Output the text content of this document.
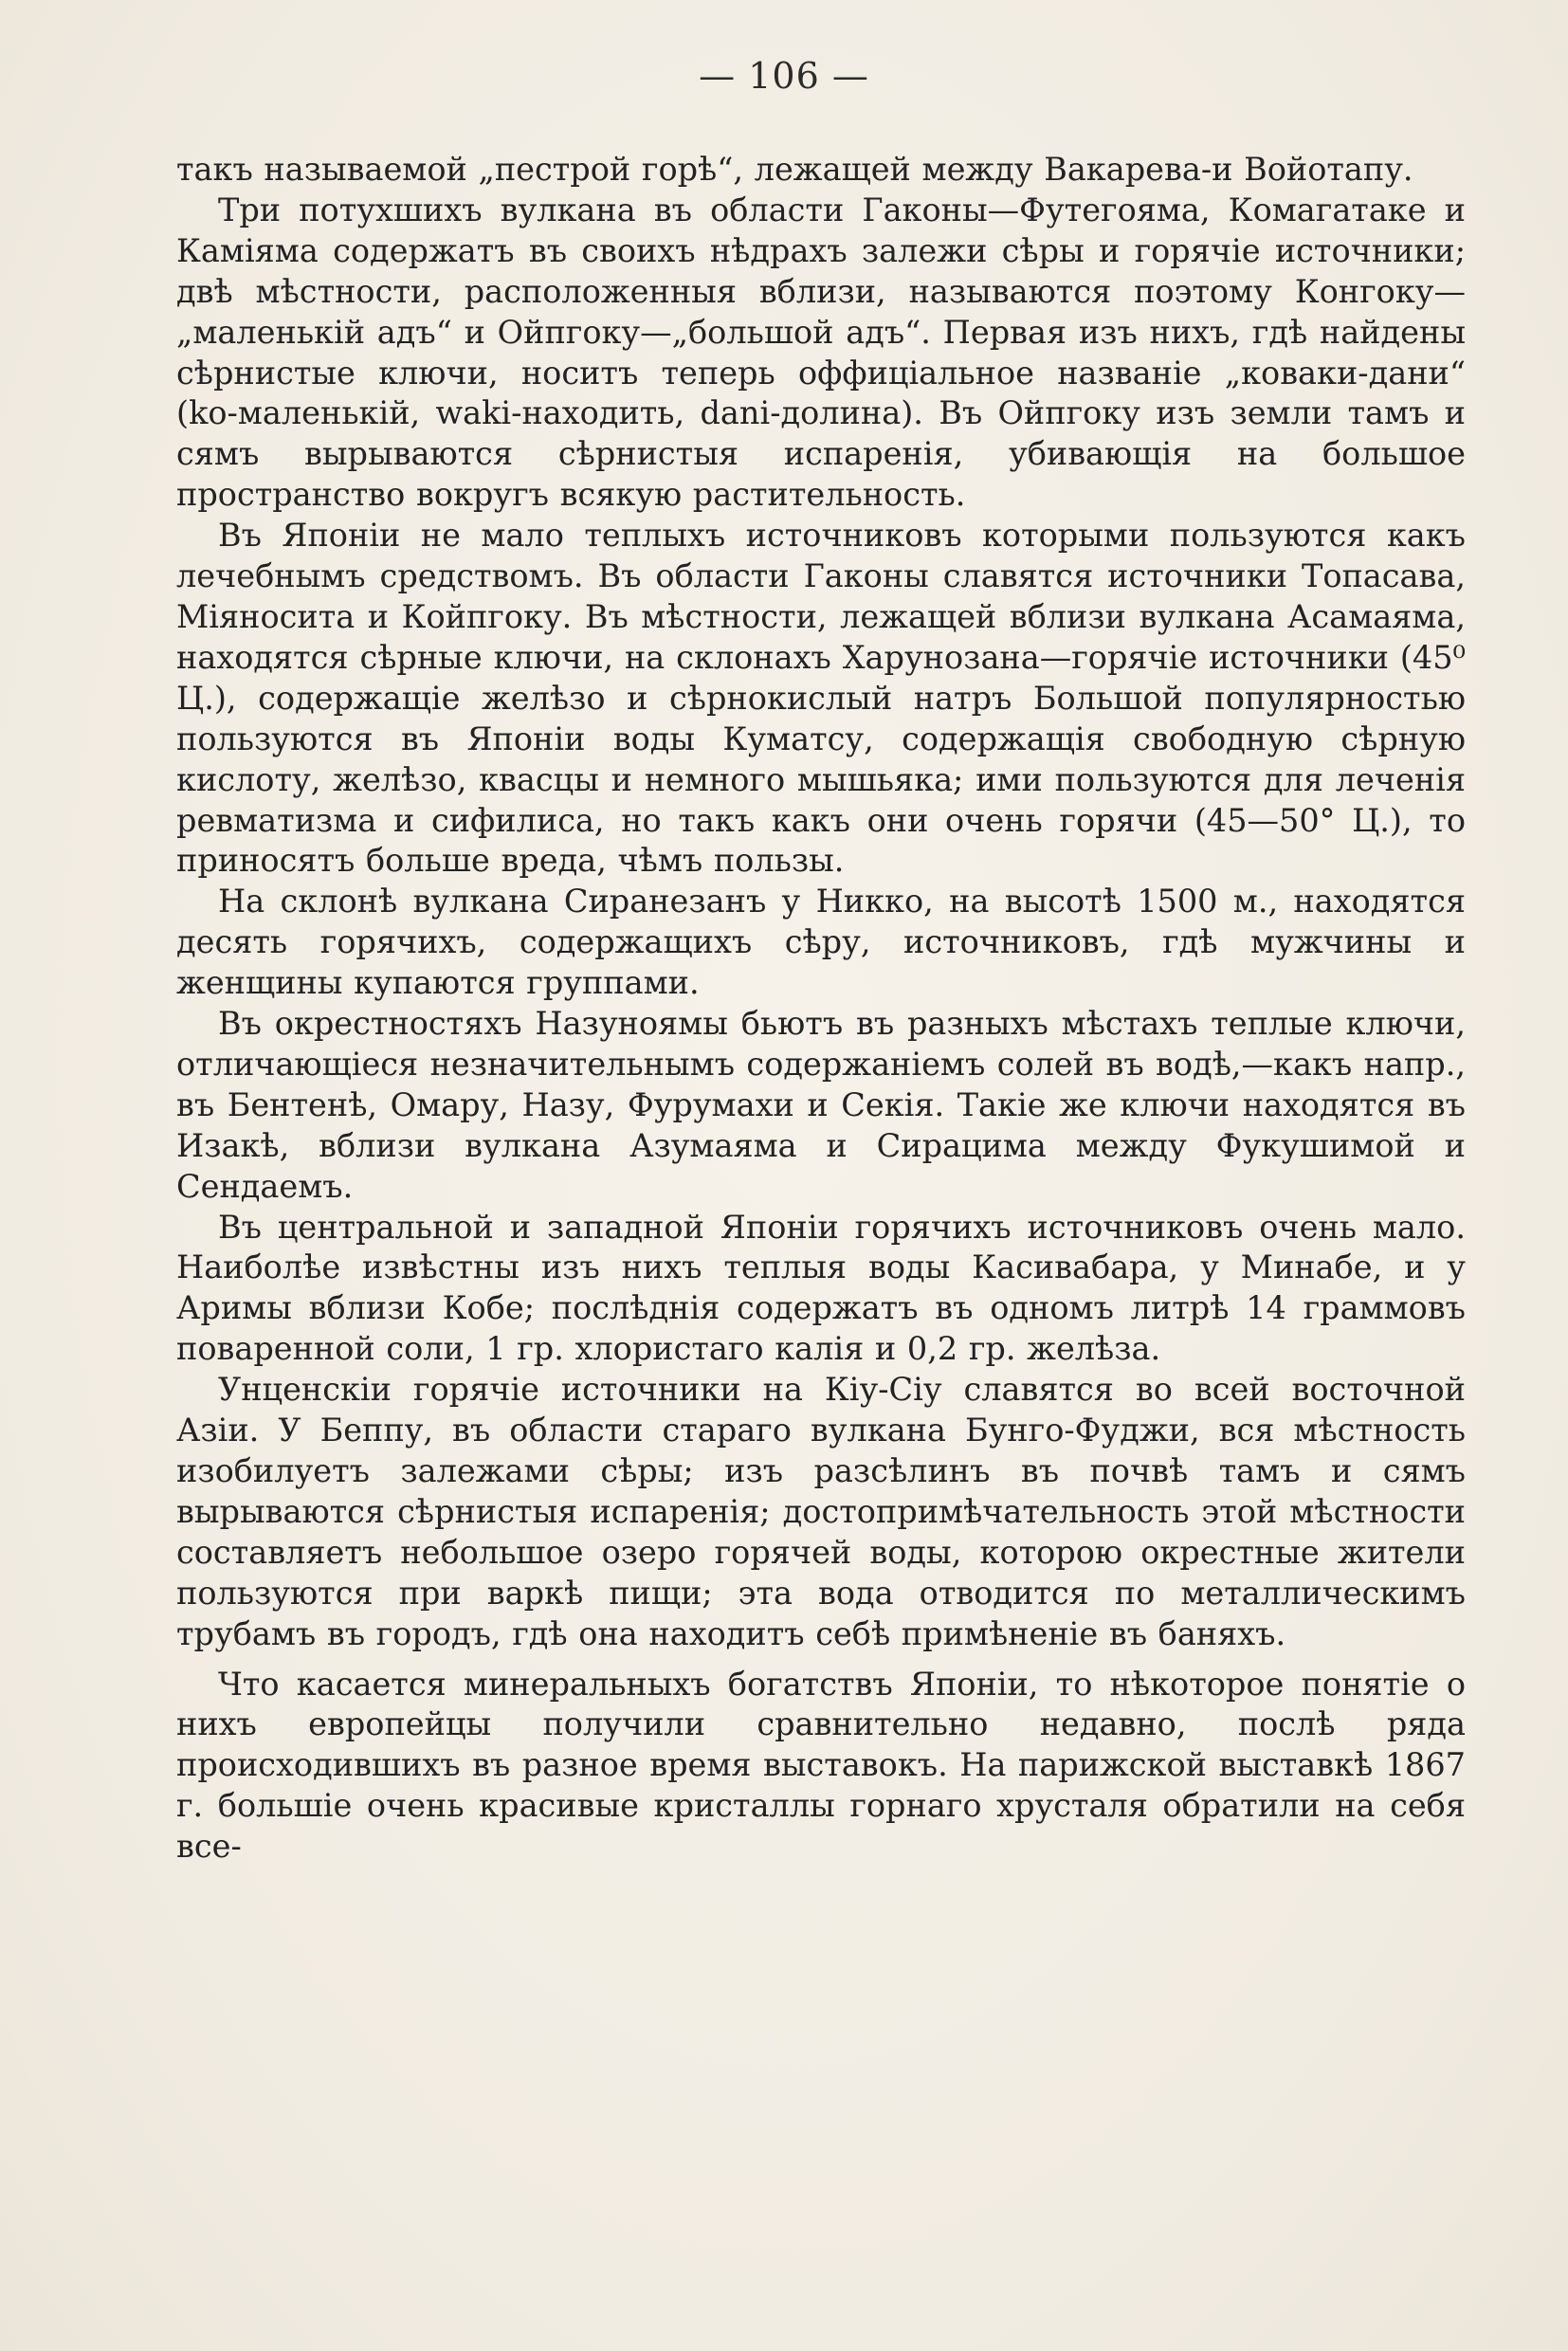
— 106 —

такъ называемой „пестрой горѣ“, лежащей между Вакарева-и Войотапу.

Три потухшихъ вулкана въ области Гаконы—Футегояма, Комагатаке и Каміяма содержатъ въ своихъ нѣдрахъ залежи сѣры и горячіе источники; двѣ мѣстности, расположенныя вблизи, называются поэтому Конгоку—„маленькій адъ“ и Ойпгоку—„большой адъ“. Первая изъ нихъ, гдѣ найдены сѣрнистые ключи, носитъ теперь оффиціальное названіе „коваки-дани“ (ko-маленькій, waki-находить, dani-долина). Въ Ойпгоку изъ земли тамъ и сямъ вырываются сѣрнистыя испаренія, убивающія на большое пространство вокругъ всякую растительность.

Въ Японіи не мало теплыхъ источниковъ которыми пользуются какъ лечебнымъ средствомъ. Въ области Гаконы славятся источники Топасава, Міяносита и Койпгоку. Въ мѣстности, лежащей вблизи вулкана Асамаяма, находятся сѣрные ключи, на склонахъ Харунозана—горячіе источники (45⁰ Ц.), содержащіе желѣзо и сѣрнокислый натръ Большой популярностью пользуются въ Японіи воды Куматсу, содержащія свободную сѣрную кислоту, желѣзо, квасцы и немного мышьяка; ими пользуются для леченія ревматизма и сифилиса, но такъ какъ они очень горячи (45—50° Ц.), то приносятъ больше вреда, чѣмъ пользы.

На склонѣ вулкана Сиранезанъ у Никко, на высотѣ 1500 м., находятся десять горячихъ, содержащихъ сѣру, источниковъ, гдѣ мужчины и женщины купаются группами.

Въ окрестностяхъ Назуноямы бьютъ въ разныхъ мѣстахъ теплые ключи, отличающіеся незначительнымъ содержаніемъ солей въ водѣ,—какъ напр., въ Бентенѣ, Омару, Назу, Фурумахи и Секія. Такіе же ключи находятся въ Изакѣ, вблизи вулкана Азумаяма и Сирацима между Фукушимой и Сендаемъ.

Въ центральной и западной Японіи горячихъ источниковъ очень мало. Наиболѣе извѣстны изъ нихъ теплыя воды Касивабара, у Минабе, и у Аримы вблизи Кобе; послѣднія содержатъ въ одномъ литрѣ 14 граммовъ поваренной соли, 1 гр. хлористаго калія и 0,2 гр. желѣза.

Унценскіи горячіе источники на Кіу-Сіу славятся во всей восточной Азіи. У Беппу, въ области стараго вулкана Бунго-Фуджи, вся мѣстность изобилуетъ залежами сѣры; изъ разсѣлинъ въ почвѣ тамъ и сямъ вырываются сѣрнистыя испаренія; достопримѣчательность этой мѣстности составляетъ небольшое озеро горячей воды, которою окрестные жители пользуются при варкѣ пищи; эта вода отводится по металлическимъ трубамъ въ городъ, гдѣ она находитъ себѣ примѣненіе въ баняхъ.

Что касается минеральныхъ богатствъ Японіи, то нѣкоторое понятіе о нихъ европейцы получили сравнительно недавно, послѣ ряда происходившихъ въ разное время выставокъ. На парижской выставкѣ 1867 г. большіе очень красивые кристаллы горнаго хрусталя обратили на себя все-
